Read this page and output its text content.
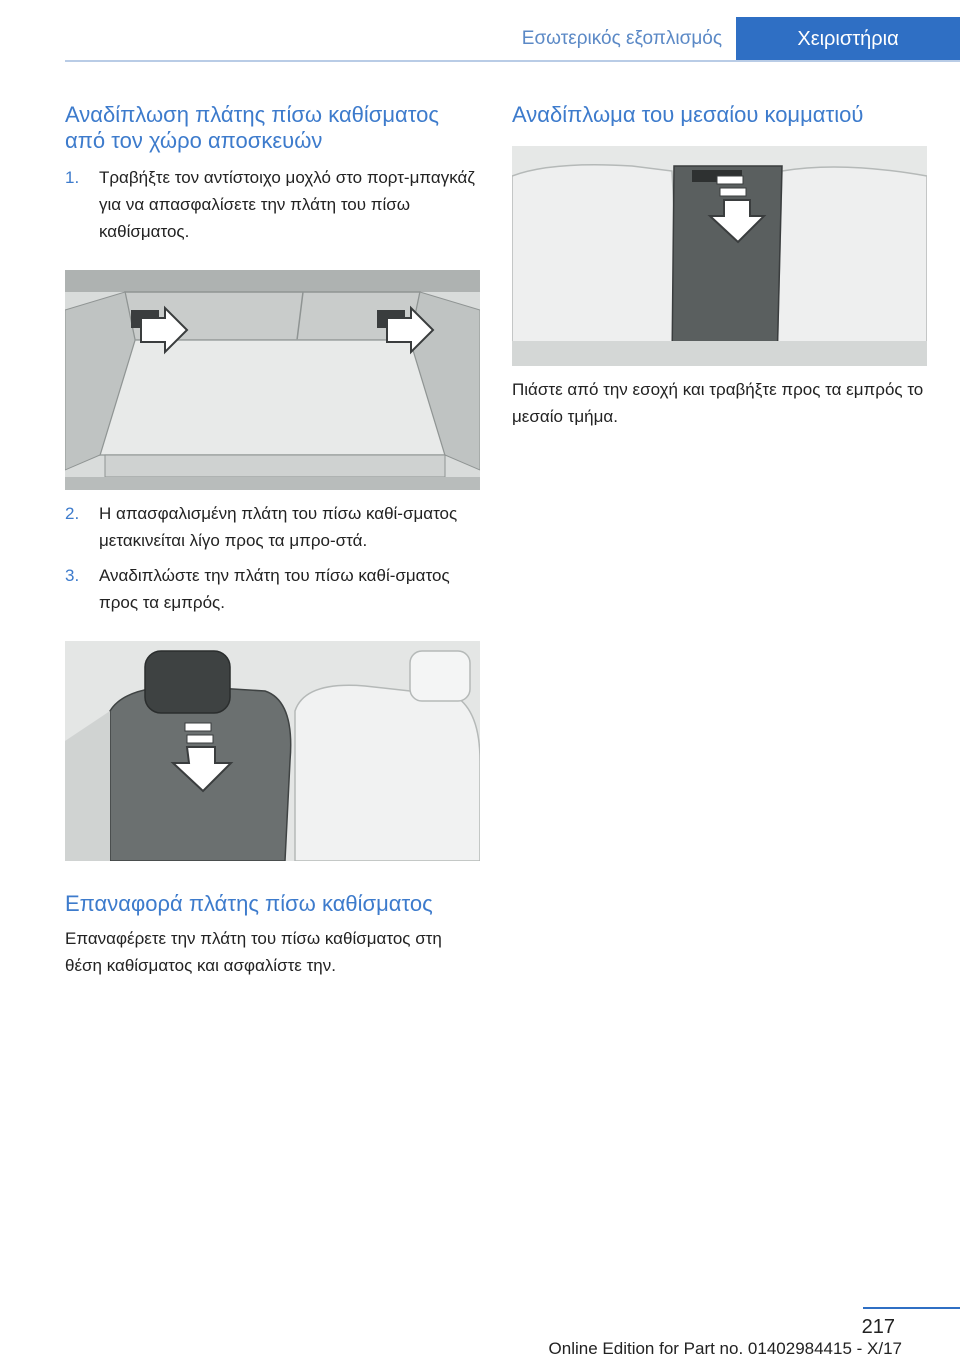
Εσωτερικός εξοπλισμός	Χειριστήρια
Αναδίπλωση πλάτης πίσω καθίσματος από τον χώρο αποσκευών
1.	Τραβήξτε τον αντίστοιχο μοχλό στο πορτ-μπαγκάζ για να απασφαλίσετε την πλάτη του πίσω καθίσματος.
2.	Η απασφαλισμένη πλάτη του πίσω καθί-σματος μετακινείται λίγο προς τα μπρο-στά.
3.	Αναδιπλώστε την πλάτη του πίσω καθί-σματος προς τα εμπρός.
Επαναφορά πλάτης πίσω καθίσματος

Επαναφέρετε την πλάτη του πίσω καθίσματος στη θέση καθίσματος και ασφαλίστε την.

Αναδίπλωμα του μεσαίου κομματιού

Πιάστε από την εσοχή και τραβήξτε προς τα εμπρός το μεσαίο τμήμα.

217
Online Edition for Part no. 01402984415 - X/17
